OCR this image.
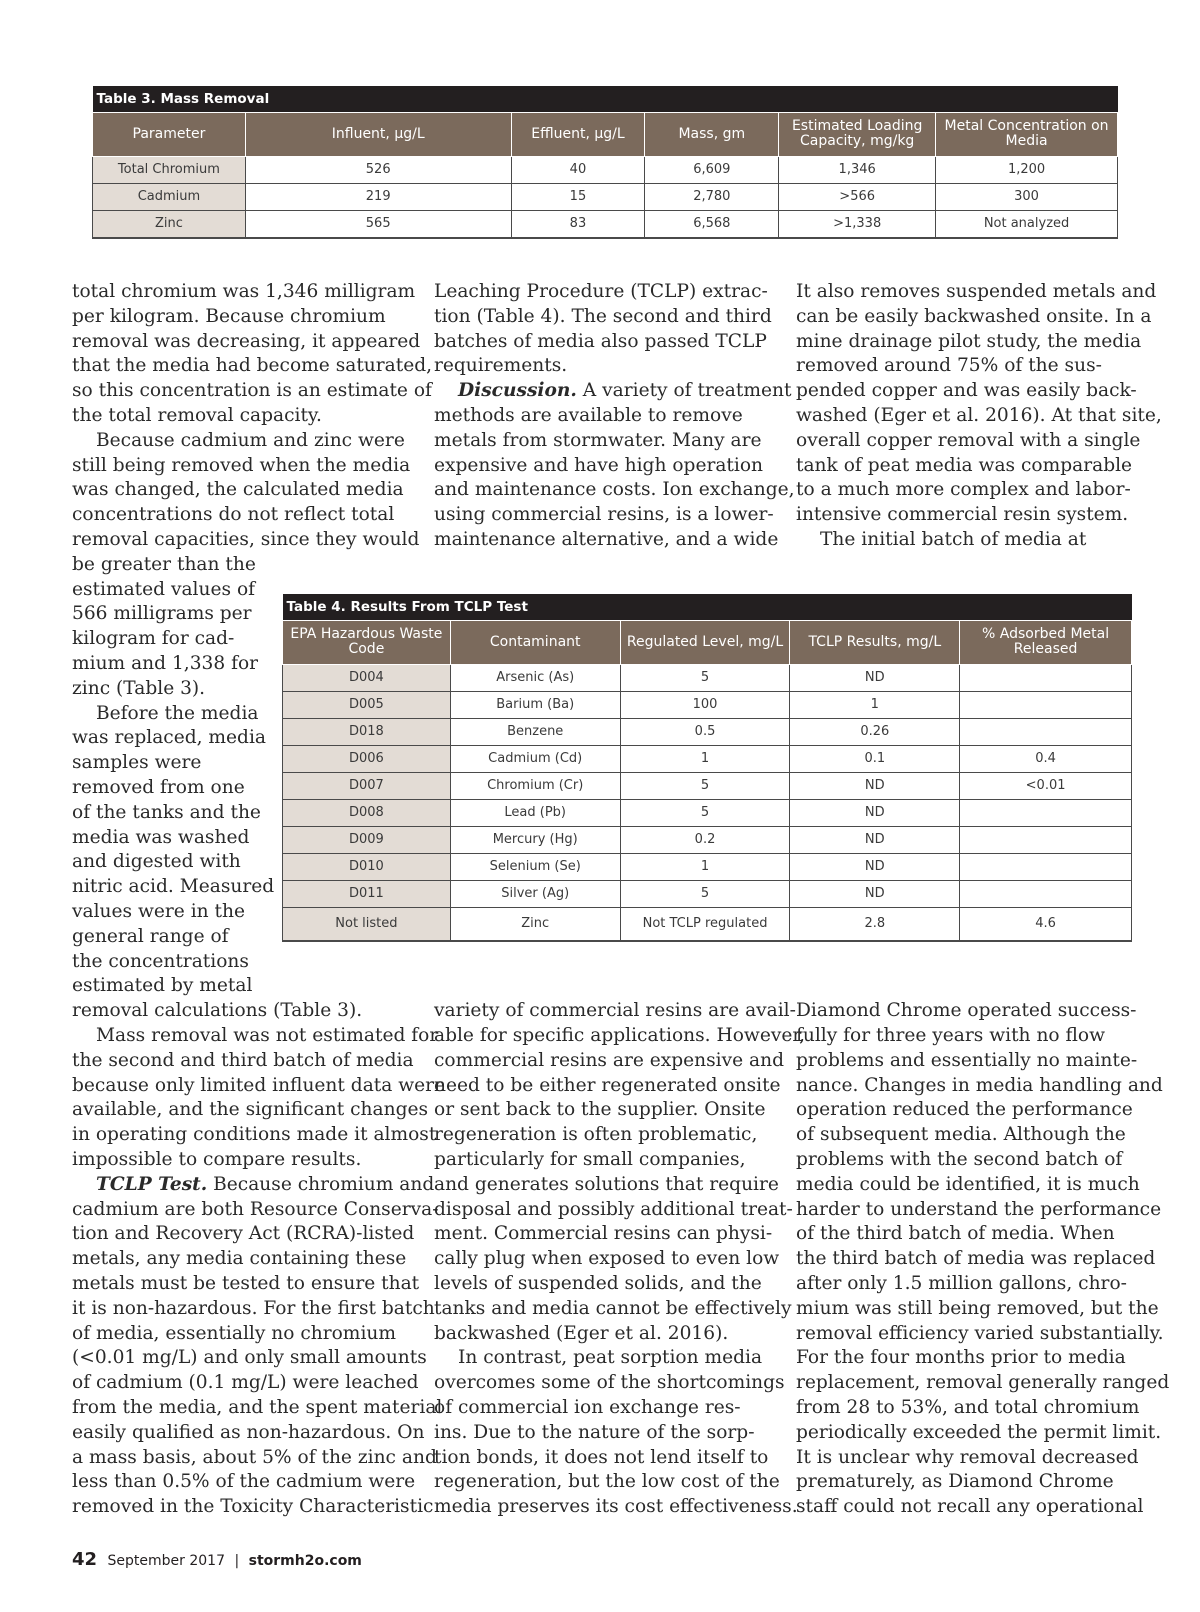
Table 3. Mass Removal					
Parameter	Influent, μg/L	Effluent, μg/L	Mass, gm	Estimated Loading Capacity, mg/kg	Metal Concentration on Media
Total Chromium	526	40	6,609	1,346	1,200
Cadmium	219	15	2,780	>566	300
Zinc	565	83	6,568	>1,338	Not analyzed
Table 4. Results From TCLP Test				
EPA Hazardous Waste Code	Contaminant	Regulated Level, mg/L	TCLP Results, mg/L	% Adsorbed Metal Released
D004	Arsenic (As)	5	ND	
D005	Barium (Ba)	100	1	
D018	Benzene	0.5	0.26	
D006	Cadmium (Cd)	1	0.1	0.4
D007	Chromium (Cr)	5	ND	<0.01
D008	Lead (Pb)	5	ND	
D009	Mercury (Hg)	0.2	ND	
D010	Selenium (Se)	1	ND	
D011	Silver (Ag)	5	ND	
Not listed	Zinc	Not TCLP regulated	2.8	4.6
total chromium was 1,346 milligram
per kilogram. Because chromium
removal was decreasing, it appeared
that the media had become saturated,
so this concentration is an estimate of
the total removal capacity.
Because cadmium and zinc were
still being removed when the media
was changed, the calculated media
concentrations do not reflect total
removal capacities, since they would
be greater than the
estimated values of
566 milligrams per
kilogram for cad-
mium and 1,338 for
zinc (Table 3).
Before the media
was replaced, media
samples were
removed from one
of the tanks and the
media was washed
and digested with
nitric acid. Measured
values were in the
general range of
the concentrations
estimated by metal
removal calculations (Table 3).
Mass removal was not estimated for
the second and third batch of media
because only limited influent data were
available, and the significant changes
in operating conditions made it almost
impossible to compare results.
TCLP Test. Because chromium and
cadmium are both Resource Conserva-
tion and Recovery Act (RCRA)-listed
metals, any media containing these
metals must be tested to ensure that
it is non-hazardous. For the first batch
of media, essentially no chromium
(<0.01 mg/L) and only small amounts
of cadmium (0.1 mg/L) were leached
from the media, and the spent material
easily qualified as non-hazardous. On
a mass basis, about 5% of the zinc and
less than 0.5% of the cadmium were
removed in the Toxicity Characteristic
Leaching Procedure (TCLP) extrac-
tion (Table 4). The second and third
batches of media also passed TCLP
requirements.
Discussion. A variety of treatment
methods are available to remove
metals from stormwater. Many are
expensive and have high operation
and maintenance costs. Ion exchange,
using commercial resins, is a lower-
maintenance alternative, and a wide
variety of commercial resins are avail-
able for specific applications. However,
commercial resins are expensive and
need to be either regenerated onsite
or sent back to the supplier. Onsite
regeneration is often problematic,
particularly for small companies,
and generates solutions that require
disposal and possibly additional treat-
ment. Commercial resins can physi-
cally plug when exposed to even low
levels of suspended solids, and the
tanks and media cannot be effectively
backwashed (Eger et al. 2016).
In contrast, peat sorption media
overcomes some of the shortcomings
of commercial ion exchange res-
ins. Due to the nature of the sorp-
tion bonds, it does not lend itself to
regeneration, but the low cost of the
media preserves its cost effectiveness.
It also removes suspended metals and
can be easily backwashed onsite. In a
mine drainage pilot study, the media
removed around 75% of the sus-
pended copper and was easily back-
washed (Eger et al. 2016). At that site,
overall copper removal with a single
tank of peat media was comparable
to a much more complex and labor-
intensive commercial resin system.
The initial batch of media at
Diamond Chrome operated success-
fully for three years with no flow
problems and essentially no mainte-
nance. Changes in media handling and
operation reduced the performance
of subsequent media. Although the
problems with the second batch of
media could be identified, it is much
harder to understand the performance
of the third batch of media. When
the third batch of media was replaced
after only 1.5 million gallons, chro-
mium was still being removed, but the
removal efficiency varied substantially.
For the four months prior to media
replacement, removal generally ranged
from 28 to 53%, and total chromium
periodically exceeded the permit limit.
It is unclear why removal decreased
prematurely, as Diamond Chrome
staff could not recall any operational
42 September 2017 | stormh2o.com
